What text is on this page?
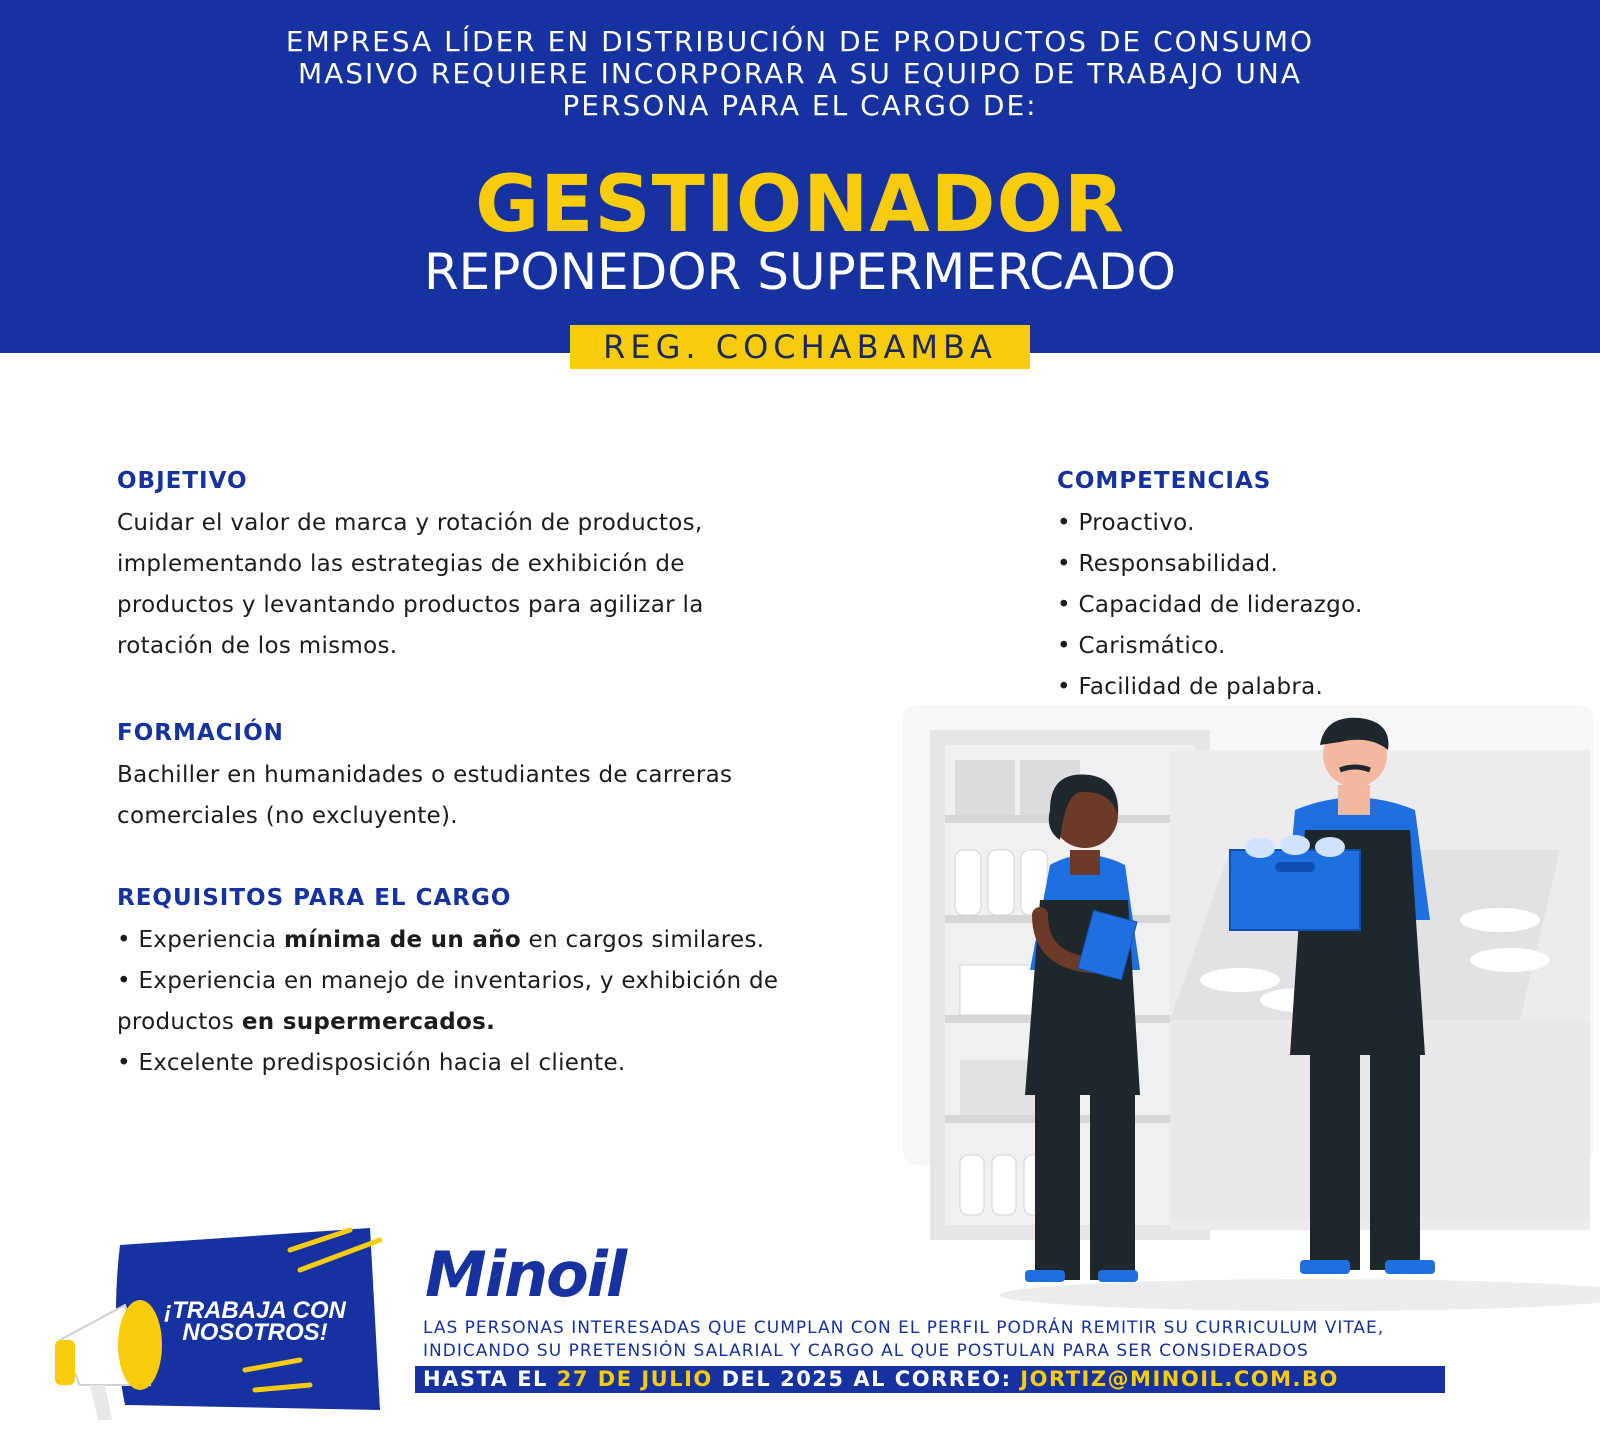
EMPRESA LÍDER EN DISTRIBUCIÓN DE PRODUCTOS DE CONSUMO
MASIVO REQUIERE INCORPORAR A SU EQUIPO DE TRABAJO UNA
PERSONA PARA EL CARGO DE:
GESTIONADOR
REPONEDOR SUPERMERCADO
REG. COCHABAMBA
OBJETIVO

Cuidar el valor de marca y rotación de productos,

implementando las estrategias de exhibición de

productos y levantando productos para agilizar la

rotación de los mismos.

FORMACIÓN

Bachiller en humanidades o estudiantes de carreras

comerciales (no excluyente).

REQUISITOS PARA EL CARGO

• Experiencia mínima de un año en cargos similares.

• Experiencia en manejo de inventarios, y exhibición de

productos en supermercados.

• Excelente predisposición hacia el cliente.

COMPETENCIAS
• Proactivo.
• Responsabilidad.
• Capacidad de liderazgo.
• Carismático.
• Facilidad de palabra.
¡TRABAJA CON
NOSOTROS!
Minoil

LAS PERSONAS INTERESADAS QUE CUMPLAN CON EL PERFIL PODRÁN REMITIR SU CURRICULUM VITAE,

INDICANDO SU PRETENSIÓN SALARIAL Y CARGO AL QUE POSTULAN PARA SER CONSIDERADOS

HASTA EL 27 DE JULIO DEL 2025 AL CORREO: JORTIZ@MINOIL.COM.BO
